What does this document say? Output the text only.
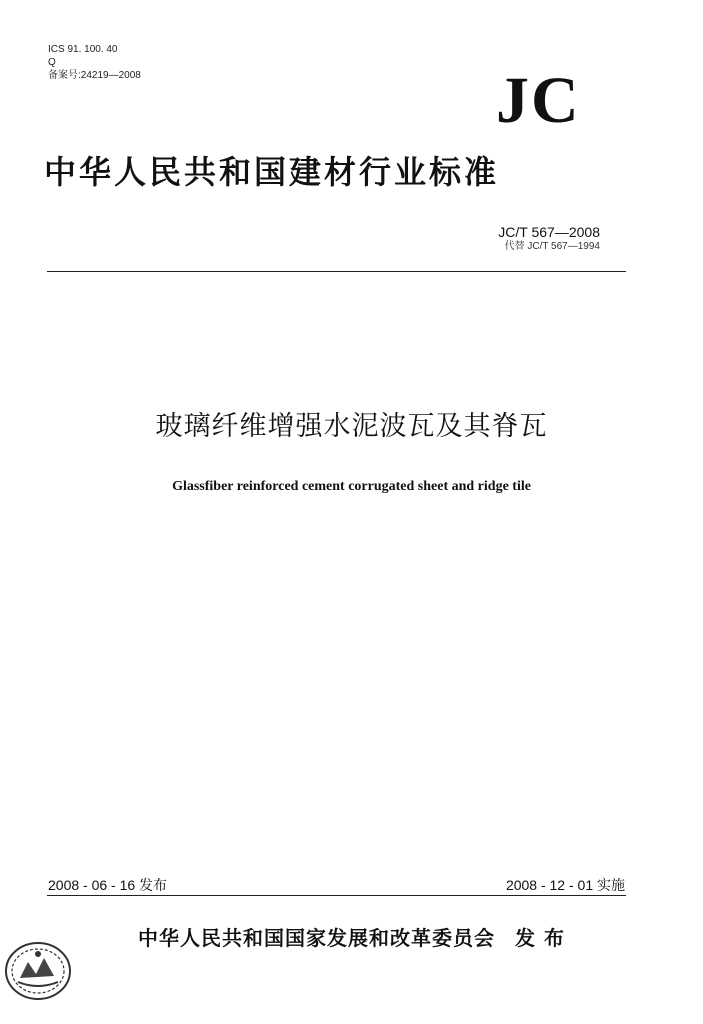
ICS 91. 100. 40
Q
备案号:24219—2008	JC
中华人民共和国建材行业标准
JC/T 567—2008
代替 JC/T 567—1994
玻璃纤维增强水泥波瓦及其脊瓦
Glassfiber reinforced cement corrugated sheet and ridge tile
2008 - 06 - 16 发布	2008 - 12 - 01 实施
中华人民共和国国家发展和改革委员会 发 布
